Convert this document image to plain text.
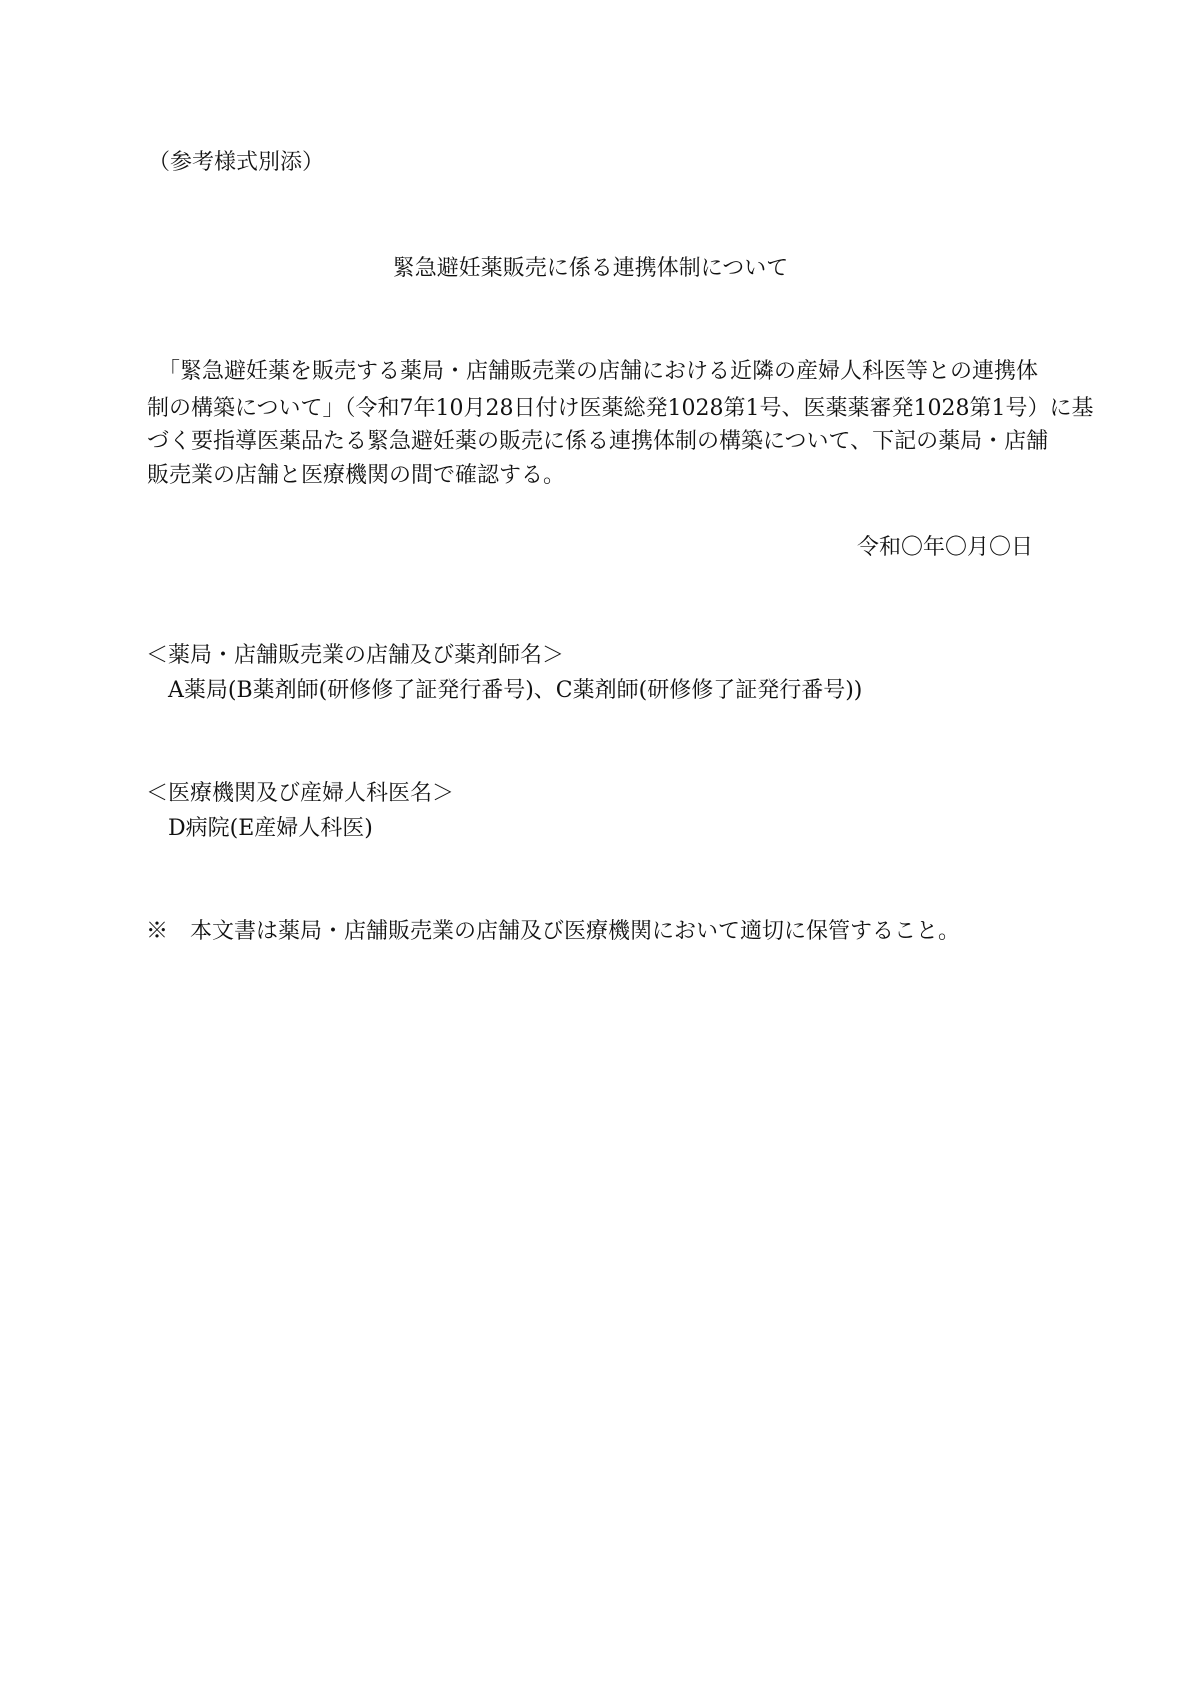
（参考様式別添）
緊急避妊薬販売に係る連携体制について
　「緊急避妊薬を販売する薬局・店舗販売業の店舗における近隣の産婦人科医等との連携体
制の構築について」（令和7年10月28日付け医薬総発1028第1号、医薬薬審発1028第1号）に基
づく要指導医薬品たる緊急避妊薬の販売に係る連携体制の構築について、下記の薬局・店舗
販売業の店舗と医療機関の間で確認する。
令和〇年〇月〇日
＜薬局・店舗販売業の店舗及び薬剤師名＞
A薬局(B薬剤師(研修修了証発行番号)、C薬剤師(研修修了証発行番号))
＜医療機関及び産婦人科医名＞
D病院(E産婦人科医)
※　本文書は薬局・店舗販売業の店舗及び医療機関において適切に保管すること。
